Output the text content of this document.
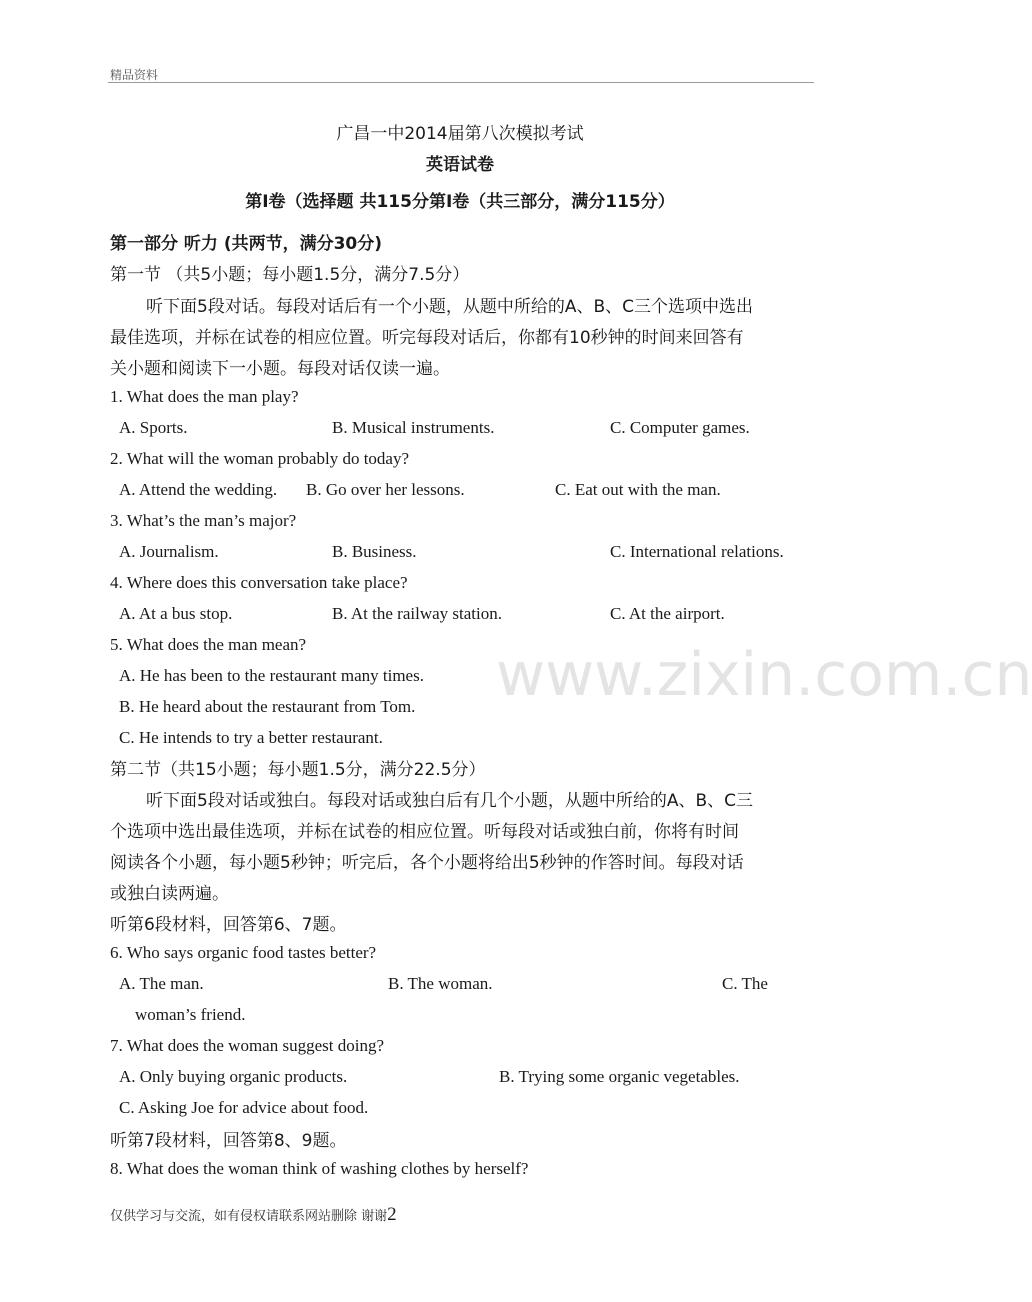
精品资料
www.zixin.com.cn
广昌一中2014届第八次模拟考试
英语试卷
第I卷（选择题 共115分第Ⅰ卷（共三部分，满分115分）
第一部分 听力 (共两节，满分30分)
第一节 （共5小题；每小题1.5分，满分7.5分）
听下面5段对话。每段对话后有一个小题，从题中所给的A、B、C三个选项中选出
最佳选项，并标在试卷的相应位置。听完每段对话后，你都有10秒钟的时间来回答有
关小题和阅读下一小题。每段对话仅读一遍。
1. What does the man play?
A. Sports.	B. Musical instruments.	C. Computer games.
2. What will the woman probably do today?
A. Attend the wedding. B. Go over her lessons.	C. Eat out with the man.
3. What’s the man’s major?
A. Journalism.	B. Business.	C. International relations.
4. Where does this conversation take place?
A. At a bus stop.	B. At the railway station.	C. At the airport.
5. What does the man mean?
A. He has been to the restaurant many times.
B. He heard about the restaurant from Tom.
C. He intends to try a better restaurant.
第二节（共15小题；每小题1.5分，满分22.5分）
听下面5段对话或独白。每段对话或独白后有几个小题，从题中所给的A、B、C三
个选项中选出最佳选项，并标在试卷的相应位置。听每段对话或独白前，你将有时间
阅读各个小题，每小题5秒钟；听完后，各个小题将给出5秒钟的作答时间。每段对话
或独白读两遍。
听第6段材料，回答第6、7题。
6. Who says organic food tastes better?
A. The man.	B. The woman.	C. The
woman’s friend.
7. What does the woman suggest doing?
A. Only buying organic products.	B. Trying some organic vegetables.
C. Asking Joe for advice about food.
听第7段材料，回答第8、9题。
8. What does the woman think of washing clothes by herself?
仅供学习与交流，如有侵权请联系网站删除 谢谢2
